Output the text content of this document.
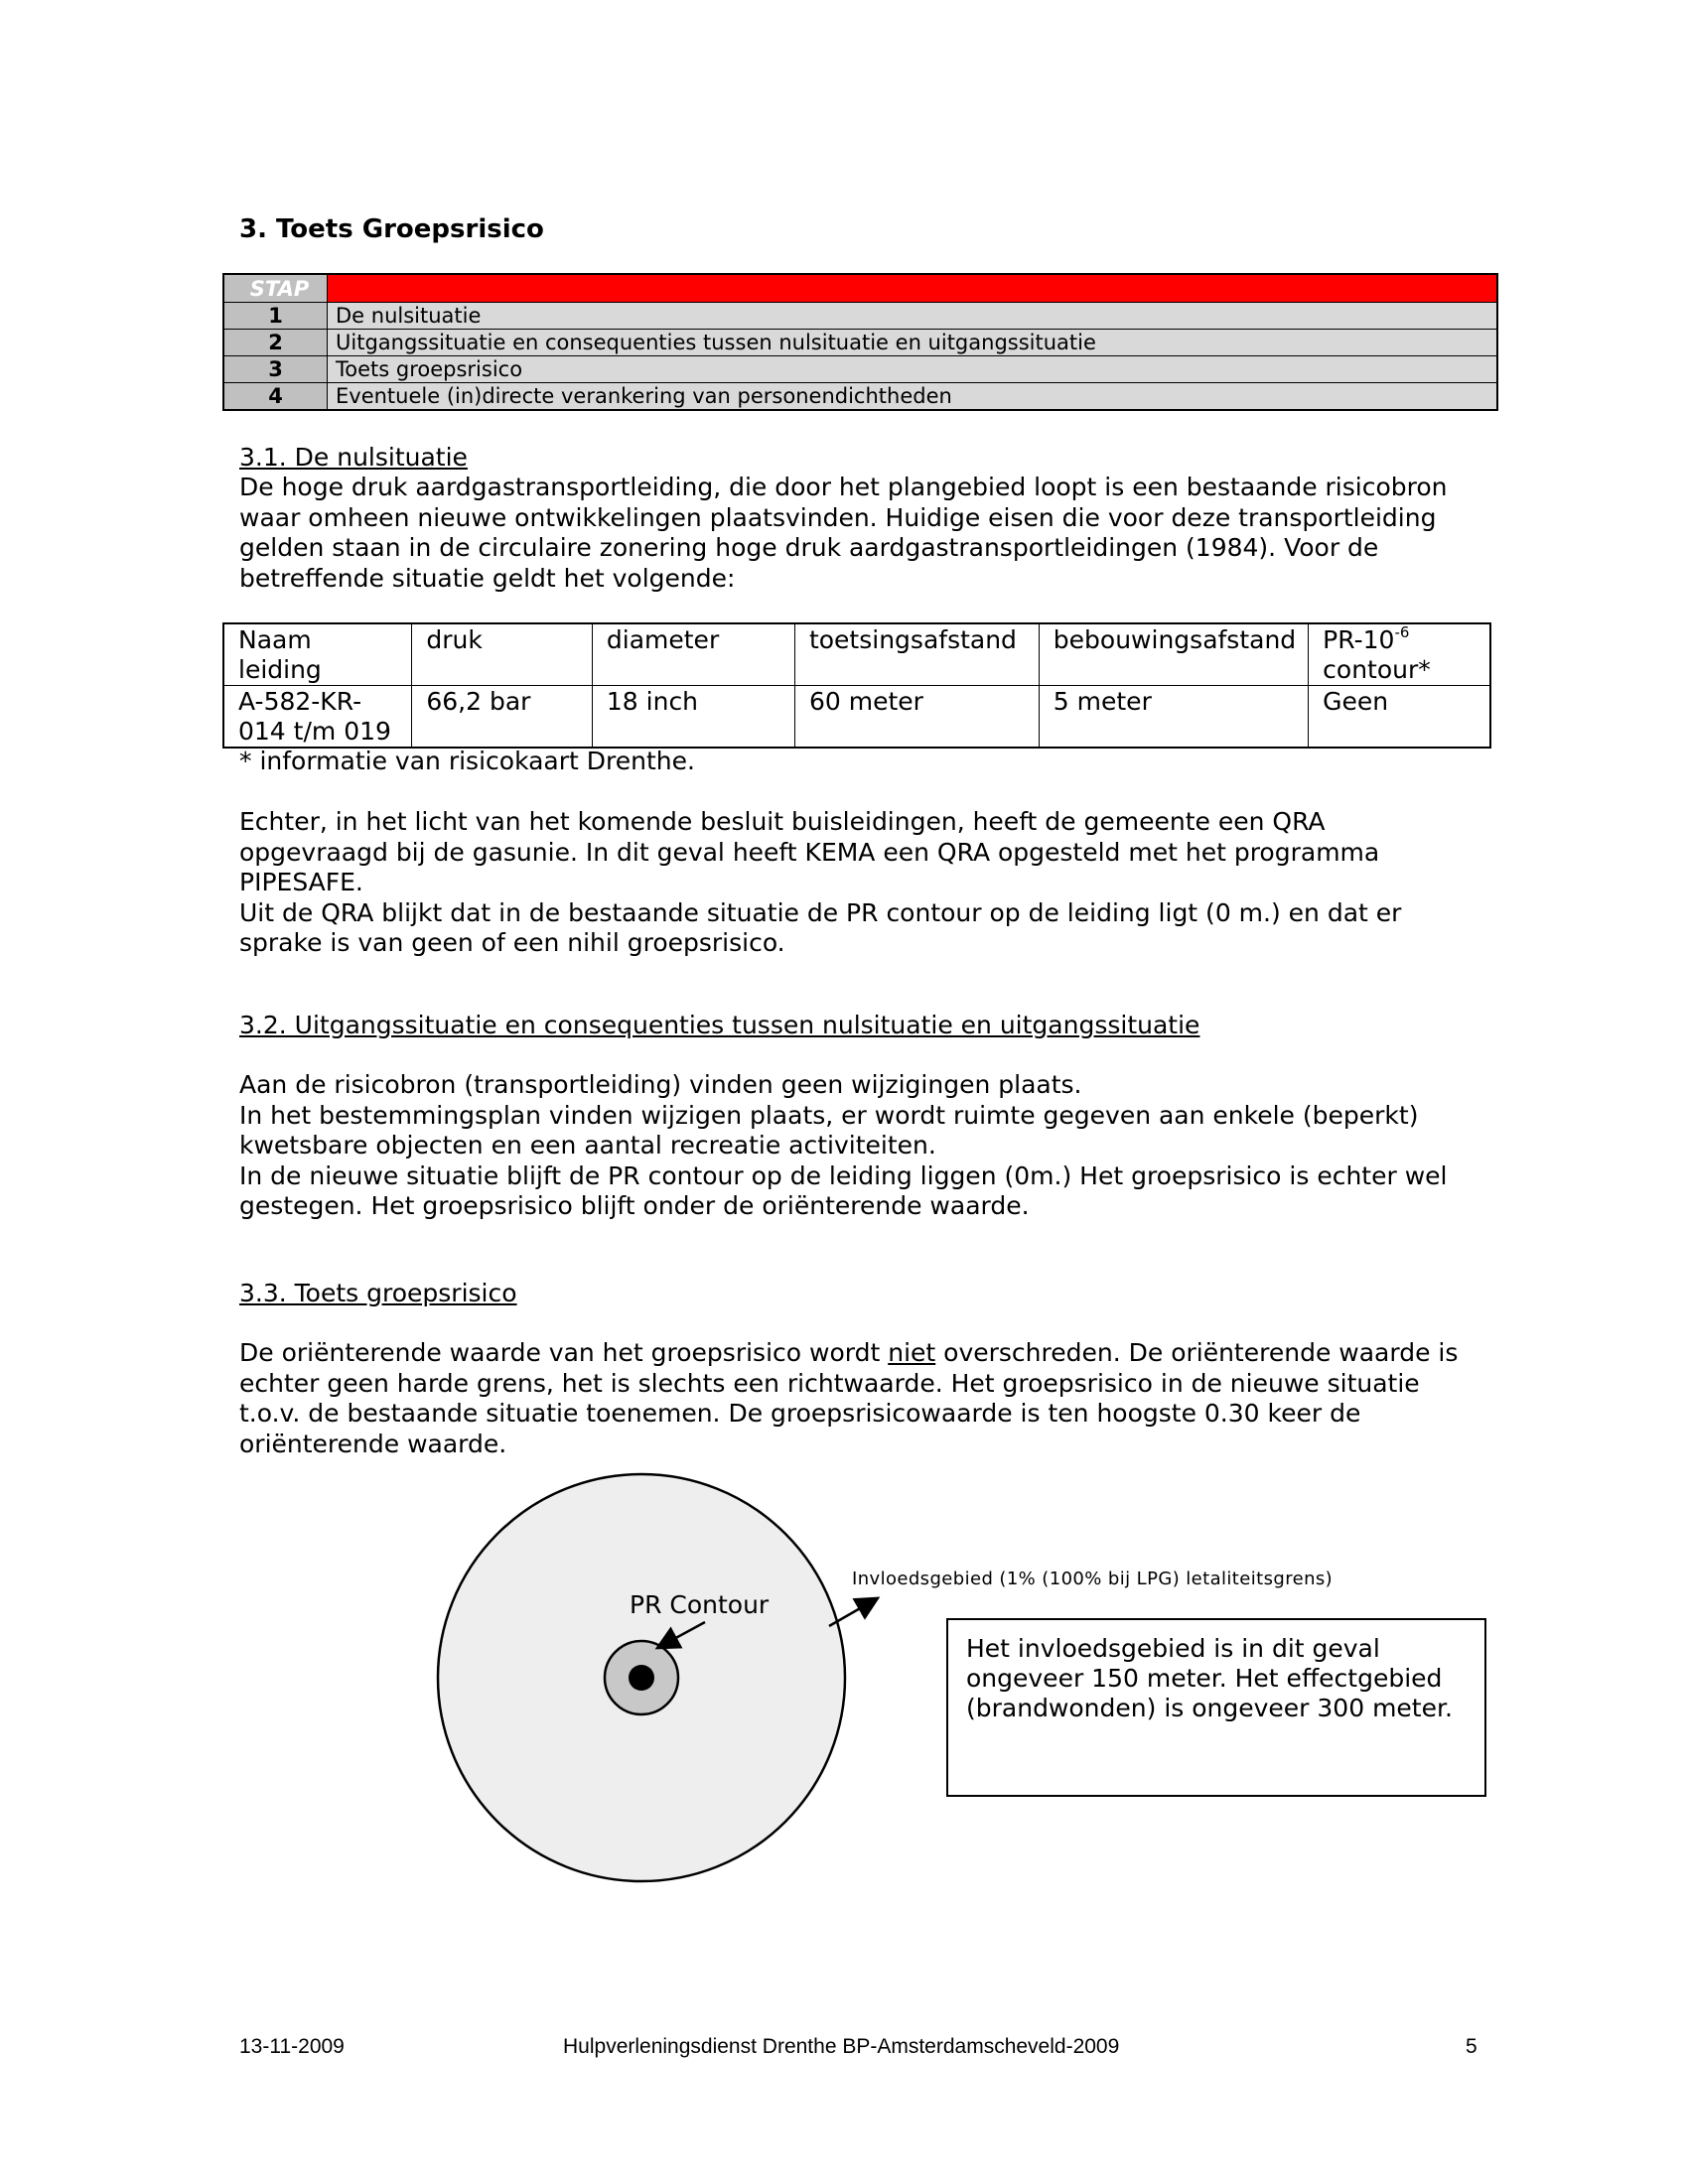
3. Toets Groepsrisico
STAP	
1	De nulsituatie
2	Uitgangssituatie en consequenties tussen nulsituatie en uitgangssituatie
3	Toets groepsrisico
4	Eventuele (in)directe verankering van personendichtheden
3.1. De nulsituatie
De hoge druk aardgastransportleiding, die door het plangebied loopt is een bestaande risicobron
waar omheen nieuwe ontwikkelingen plaatsvinden. Huidige eisen die voor deze transportleiding
gelden staan in de circulaire zonering hoge druk aardgastransportleidingen (1984). Voor de
betreffende situatie geldt het volgende:
Naam leiding	druk	diameter	toetsingsafstand	bebouwingsafstand	$PR-10^{-6}$
contour*
A-582-KR-
014 t/m 019	66,2 bar	18 inch	60 meter	5 meter	Geen

* informatie van risicokaart Drenthe.

Echter, in het licht van het komende besluit buisleidingen, heeft de gemeente een QRA
opgevraagd bij de gasunie. In dit geval heeft KEMA een QRA opgesteld met het programma
PIPESAFE.
Uit de QRA blijkt dat in de bestaande situatie de PR contour op de leiding ligt (0 m.) en dat er
sprake is van geen of een nihil groepsrisico.
3.2. Uitgangssituatie en consequenties tussen nulsituatie en uitgangssituatie
Aan de risicobron (transportleiding) vinden geen wijzigingen plaats.
In het bestemmingsplan vinden wijzigen plaats, er wordt ruimte gegeven aan enkele (beperkt)
kwetsbare objecten en een aantal recreatie activiteiten.
In de nieuwe situatie blijft de PR contour op de leiding liggen (0m.) Het groepsrisico is echter wel
gestegen. Het groepsrisico blijft onder de oriënterende waarde.
3.3. Toets groepsrisico
De oriënterende waarde van het groepsrisico wordt niet overschreden. De oriënterende waarde is
echter geen harde grens, het is slechts een richtwaarde. Het groepsrisico in de nieuwe situatie
t.o.v. de bestaande situatie toenemen. De groepsrisicowaarde is ten hoogste 0.30 keer de
oriënterende waarde.

Invloedsgebied (1% (100% bij LPG) letaliteitsgrens)

PR Contour

Het invloedsgebied is in dit geval
ongeveer 150 meter. Het effectgebied
(brandwonden) is ongeveer 300 meter.

13-11-2009	Hulpverleningsdienst Drenthe BP-Amsterdamscheveld-2009	5
